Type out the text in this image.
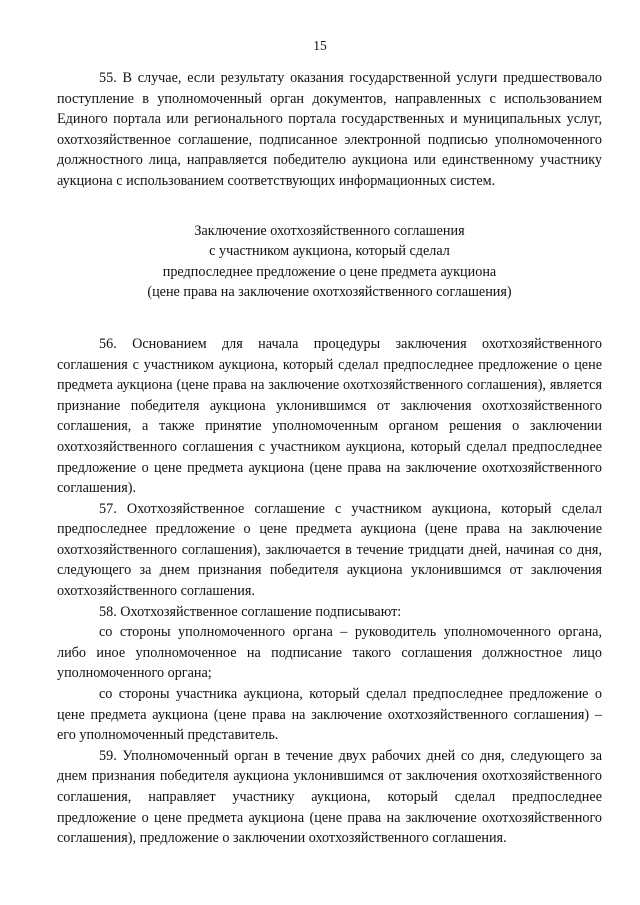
15

55. В случае, если результату оказания государственной услуги предшествовало поступление в уполномоченный орган документов, направленных с использованием Единого портала или регионального портала государственных и муниципальных услуг, охотхозяйственное соглашение, подписанное электронной подписью уполномоченного должностного лица, направляется победителю аукциона или единственному участнику аукциона с использованием соответствующих информационных систем.

Заключение охотхозяйственного соглашения
с участником аукциона, который сделал
предпоследнее предложение о цене предмета аукциона
(цене права на заключение охотхозяйственного соглашения)

56. Основанием для начала процедуры заключения охотхозяйственного соглашения с участником аукциона, который сделал предпоследнее предложение о цене предмета аукциона (цене права на заключение охотхозяйственного соглашения), является признание победителя аукциона уклонившимся от заключения охотхозяйственного соглашения, а также принятие уполномоченным органом решения о заключении охотхозяйственного соглашения с участником аукциона, который сделал предпоследнее предложение о цене предмета аукциона (цене права на заключение охотхозяйственного соглашения).

57. Охотхозяйственное соглашение с участником аукциона, который сделал предпоследнее предложение о цене предмета аукциона (цене права на заключение охотхозяйственного соглашения), заключается в течение тридцати дней, начиная со дня, следующего за днем признания победителя аукциона уклонившимся от заключения охотхозяйственного соглашения.

58. Охотхозяйственное соглашение подписывают:

со стороны уполномоченного органа – руководитель уполномоченного органа, либо иное уполномоченное на подписание такого соглашения должностное лицо уполномоченного органа;

со стороны участника аукциона, который сделал предпоследнее предложение о цене предмета аукциона (цене права на заключение охотхозяйственного соглашения) – его уполномоченный представитель.

59. Уполномоченный орган в течение двух рабочих дней со дня, следующего за днем признания победителя аукциона уклонившимся от заключения охотхозяйственного соглашения, направляет участнику аукциона, который сделал предпоследнее предложение о цене предмета аукциона (цене права на заключение охотхозяйственного соглашения), предложение о заключении охотхозяйственного соглашения.
